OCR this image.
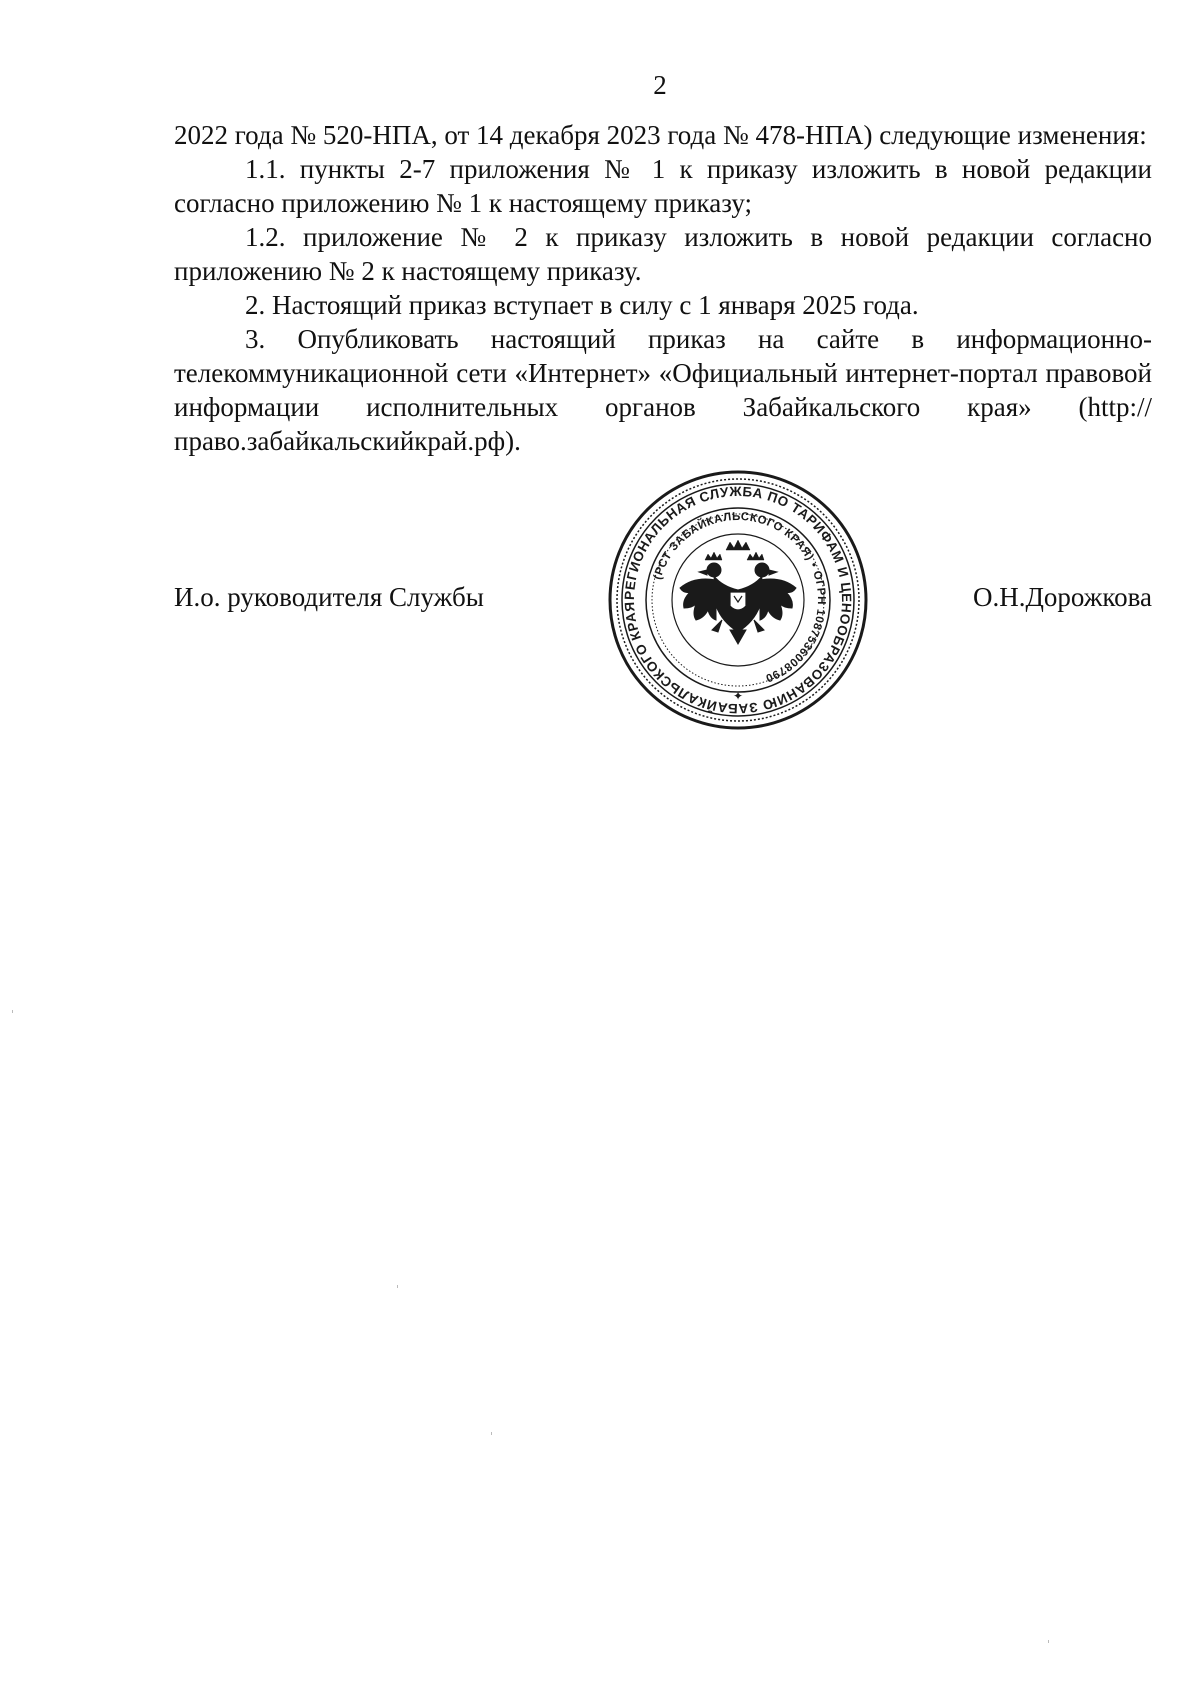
2

2022 года № 520-НПА, от 14 декабря 2023 года № 478-НПА) следующие изменения:

1.1. пункты 2-7 приложения № 1 к приказу изложить в новой редакции согласно приложению № 1 к настоящему приказу;

1.2. приложение № 2 к приказу изложить в новой редакции согласно приложению № 2 к настоящему приказу.

2. Настоящий приказ вступает в силу с 1 января 2025 года.

3. Опубликовать настоящий приказ на сайте в информационно-телекоммуникационной сети «Интернет» «Официальный интернет-портал правовой информации исполнительных органов Забайкальского края» (http://право.забайкальскийкрай.рф).

И.о. руководителя Службы	О.Н.Дорожкова
РЕГИОНАЛЬНАЯ СЛУЖБА ПО ТАРИФАМ И ЦЕНООБРАЗОВАНИЮ ЗАБАЙКАЛЬСКОГО КРАЯ
(РСТ ЗАБАЙКАЛЬСКОГО КРАЯ) • ОГРН 1087536008790
✦
